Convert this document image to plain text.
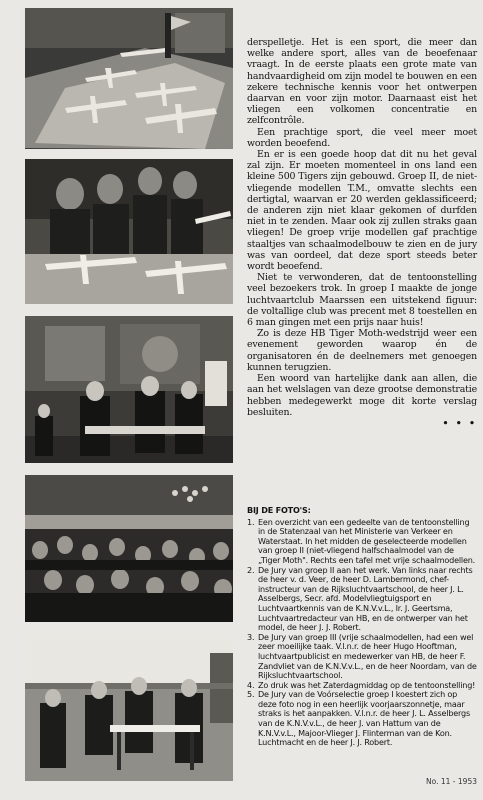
derspelletje. Het is een sport, die meer dan welke andere sport, alles van de beoefenaar vraagt. In de eerste plaats een grote mate van handvaardigheid om zijn model te bouwen en een zekere technische kennis voor het ontwerpen daarvan en voor zijn motor. Daarnaast eist het vliegen een volkomen concentratie en zelfcontrôle.

Een prachtige sport, die veel meer moet worden beoefend.

En er is een goede hoop dat dit nu het geval zal zijn. Er moeten momenteel in ons land een kleine 500 Tigers zijn gebouwd. Groep II, de niet-vliegende modellen T.M., omvatte slechts een dertigtal, waarvan er 20 werden geklassificeerd; de anderen zijn niet klaar gekomen of durfden niet in te zenden. Maar ook zij zullen straks gaan vliegen! De groep vrije modellen gaf prachtige staaltjes van schaalmodelbouw te zien en de jury was van oordeel, dat deze sport steeds beter wordt beoefend.

Niet te verwonderen, dat de tentoonstelling veel bezoekers trok. In groep I maakte de jonge luchtvaartclub Maarssen een uitstekend figuur: de voltallige club was precent met 8 toestellen en 6 man gingen met een prijs naar huis!

Zo is deze HB Tiger Moth-wedstrijd weer een evenement geworden waarop én de organisatoren én de deelnemers met genoegen kunnen terugzien.

Een woord van hartelijke dank aan allen, die aan het welslagen van deze grootse demonstratie hebben medegewerkt moge dit korte verslag besluiten.

• • •
BIJ DE FOTO'S:
1. Een overzicht van een gedeelte van de tentoonstelling in de Statenzaal van het Ministerie van Verkeer en Waterstaat. In het midden de geselecteerde modellen van groep II (niet-vliegend halfschaalmodel van de „Tiger Moth". Rechts een tafel met vrije schaalmodellen.
2. De Jury van groep II aan het werk. Van links naar rechts de heer v. d. Veer, de heer D. Lambermond, chef-instructeur van de Rijksluchtvaartschool, de heer J. L. Asselbergs, Secr. afd. Modelvliegtuigsport en Luchtvaartkennis van de K.N.V.v.L., Ir. J. Geertsma, Luchtvaartredacteur van HB, en de ontwerper van het model, de heer J. J. Robert.
3. De Jury van groep III (vrije schaalmodellen, had een wel zeer moeilijke taak. V.l.n.r. de heer Hugo Hooftman, luchtvaartpublicist en medewerker van HB, de heer F. Zandvliet van de K.N.V.v.L., en de heer Noordam, van de Rijksluchtvaartschool.
4. Zo druk was het Zaterdagmiddag op de tentoonstelling!
5. De Jury van de Voórselectie groep I koestert zich op deze foto nog in een heerlijk voorjaarszonnetje, maar straks is het aanpakken. V.l.n.r. de heer J. L. Asselbergs van de K.N.V.v.L., de heer J. van Hattum van de K.N.V.v.L., Majoor-Vlieger J. Flinterman van de Kon. Luchtmacht en de heer J. J. Robert.
No. 11 - 1953
